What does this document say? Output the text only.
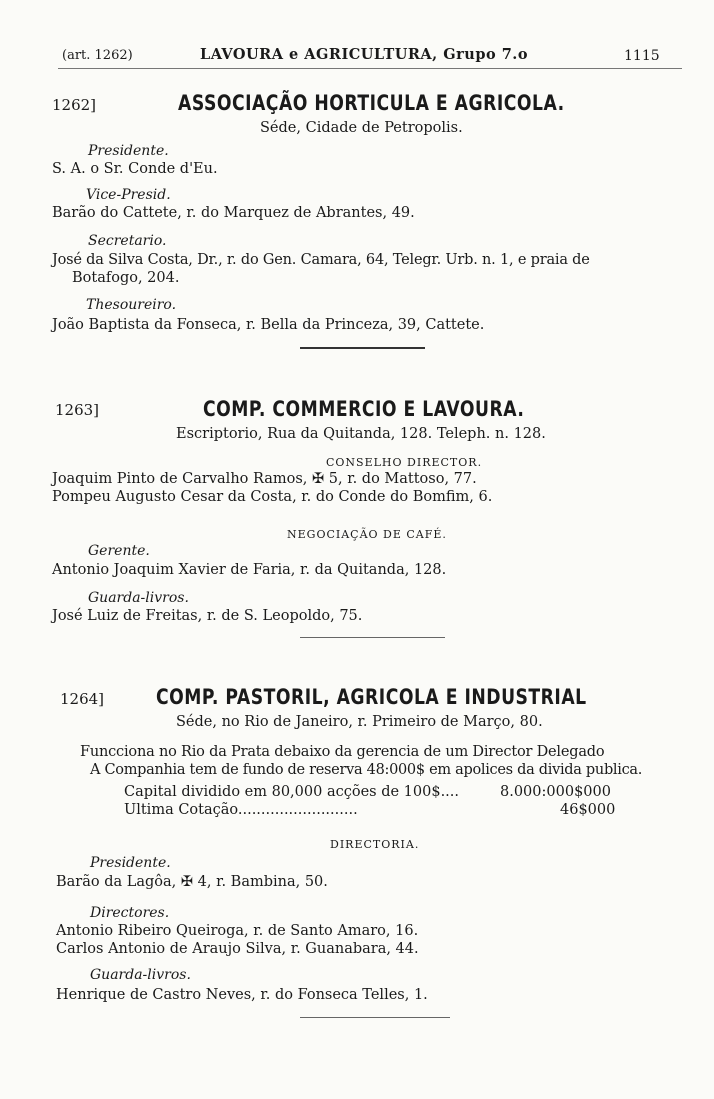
(art. 1262)	LAVOURA e AGRICULTURA, Grupo 7.o	1115
1262]	ASSOCIAÇÃO HORTICULA E AGRICOLA.
Séde, Cidade de Petropolis.
Presidente.
S. A. o Sr. Conde d'Eu.
Vice-Presid.
Barão do Cattete, r. do Marquez de Abrantes, 49.
Secretario.
José da Silva Costa, Dr., r. do Gen. Camara, 64, Telegr. Urb. n. 1, e praia de
Botafogo, 204.
Thesoureiro.
João Baptista da Fonseca, r. Bella da Princeza, 39, Cattete.
1263]	COMP. COMMERCIO E LAVOURA.
Escriptorio, Rua da Quitanda, 128. Teleph. n. 128.
CONSELHO DIRECTOR.
Joaquim Pinto de Carvalho Ramos, ✠ 5, r. do Mattoso, 77.
Pompeu Augusto Cesar da Costa, r. do Conde do Bomfim, 6.
NEGOCIAÇÃO DE CAFÉ.
Gerente.
Antonio Joaquim Xavier de Faria, r. da Quitanda, 128.
Guarda-livros.
José Luiz de Freitas, r. de S. Leopoldo, 75.
1264] COMP. PASTORIL, AGRICOLA E INDUSTRIAL
Séde, no Rio de Janeiro, r. Primeiro de Março, 80.
Funcciona no Rio da Prata debaixo da gerencia de um Director Delegado
A Companhia tem de fundo de reserva 48:000$ em apolices da divida publica.
Capital dividido em 80,000 acções de 100$....	8.000:000$000
Ultima Cotação..........................	46$000
DIRECTORIA.
Presidente.
Barão da Lagôa, ✠ 4, r. Bambina, 50.
Directores.
Antonio Ribeiro Queiroga, r. de Santo Amaro, 16.
Carlos Antonio de Araujo Silva, r. Guanabara, 44.
Guarda-livros.
Henrique de Castro Neves, r. do Fonseca Telles, 1.
